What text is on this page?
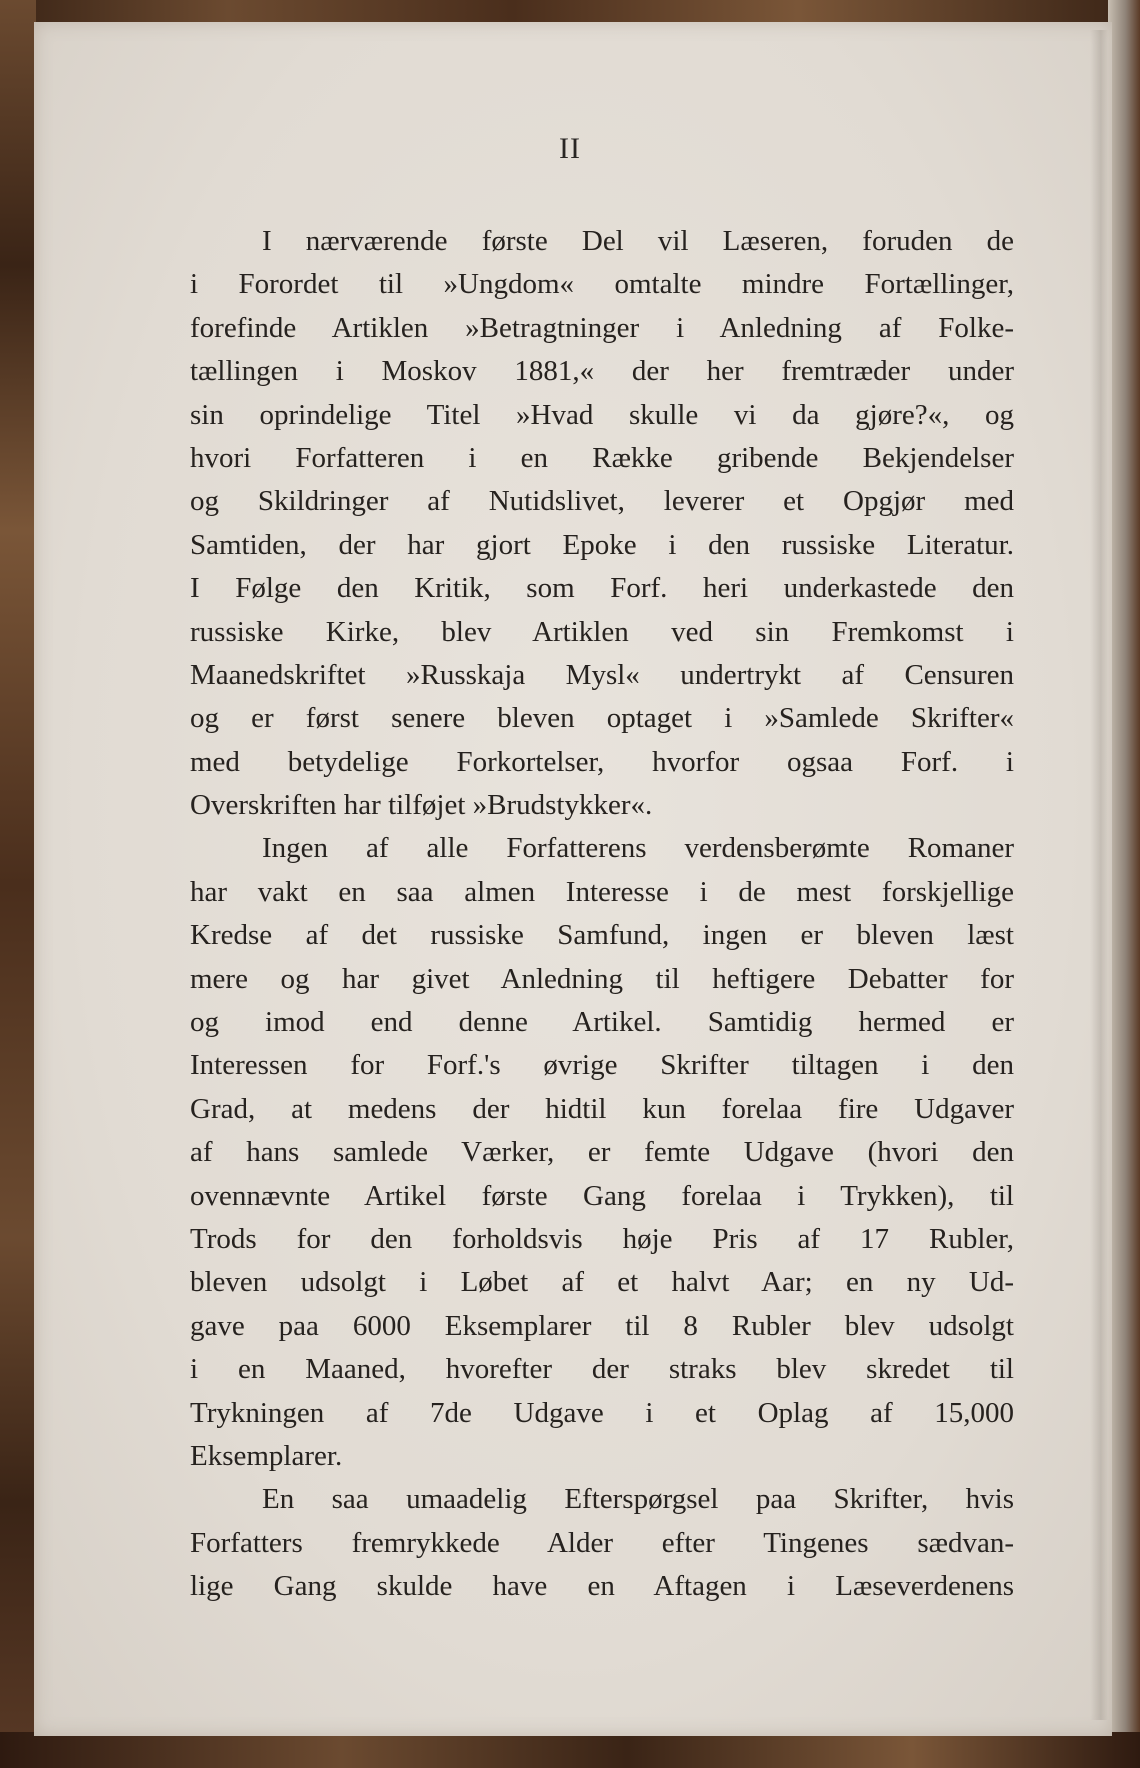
II
I nærværende første Del vil Læseren, foruden de
i Forordet til »Ungdom« omtalte mindre Fortællinger,
forefinde Artiklen »Betragtninger i Anledning af Folke-
tællingen i Moskov 1881,« der her fremtræder under
sin oprindelige Titel »Hvad skulle vi da gjøre?«, og
hvori Forfatteren i en Række gribende Bekjendelser
og Skildringer af Nutidslivet, leverer et Opgjør med
Samtiden, der har gjort Epoke i den russiske Literatur.
I Følge den Kritik, som Forf. heri underkastede den
russiske Kirke, blev Artiklen ved sin Fremkomst i
Maanedskriftet »Russkaja Mysl« undertrykt af Censuren
og er først senere bleven optaget i »Samlede Skrifter«
med betydelige Forkortelser, hvorfor ogsaa Forf. i
Overskriften har tilføjet »Brudstykker«.
Ingen af alle Forfatterens verdensberømte Romaner
har vakt en saa almen Interesse i de mest forskjellige
Kredse af det russiske Samfund, ingen er bleven læst
mere og har givet Anledning til heftigere Debatter for
og imod end denne Artikel. Samtidig hermed er
Interessen for Forf.'s øvrige Skrifter tiltagen i den
Grad, at medens der hidtil kun forelaa fire Udgaver
af hans samlede Værker, er femte Udgave (hvori den
ovennævnte Artikel første Gang forelaa i Trykken), til
Trods for den forholdsvis høje Pris af 17 Rubler,
bleven udsolgt i Løbet af et halvt Aar; en ny Ud-
gave paa 6000 Eksemplarer til 8 Rubler blev udsolgt
i en Maaned, hvorefter der straks blev skredet til
Trykningen af 7de Udgave i et Oplag af 15,000
Eksemplarer.
En saa umaadelig Efterspørgsel paa Skrifter, hvis
Forfatters fremrykkede Alder efter Tingenes sædvan-
lige Gang skulde have en Aftagen i Læseverdenens
